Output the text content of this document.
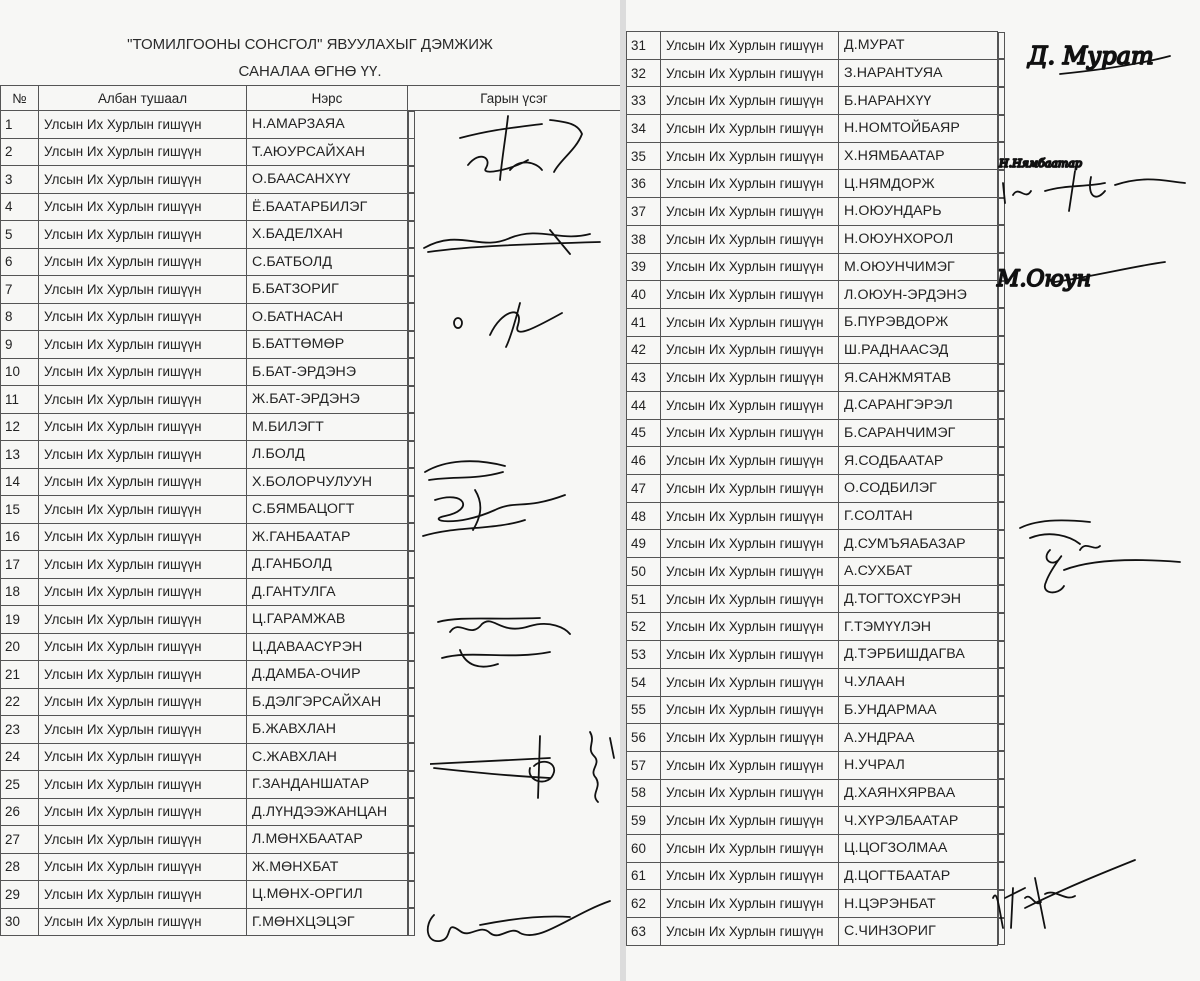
"ТОМИЛГООНЫ СОНСГОЛ" ЯВУУЛАХЫГ ДЭМЖИЖ
САНАЛАА ӨГНӨ ҮҮ.
№	Албан тушаал	Нэрс	Гарын үсэг
1	Улсын Их Хурлын гишүүн	Н.АМАРЗАЯА	

2	Улсын Их Хурлын гишүүн	Т.АЮУРСАЙХАН	

3	Улсын Их Хурлын гишүүн	О.БААСАНХҮҮ	

4	Улсын Их Хурлын гишүүн	Ё.БААТАРБИЛЭГ	

5	Улсын Их Хурлын гишүүн	Х.БАДЕЛХАН	

6	Улсын Их Хурлын гишүүн	С.БАТБОЛД	

7	Улсын Их Хурлын гишүүн	Б.БАТЗОРИГ	

8	Улсын Их Хурлын гишүүн	О.БАТНАСАН	

9	Улсын Их Хурлын гишүүн	Б.БАТТӨМӨР	

10	Улсын Их Хурлын гишүүн	Б.БАТ-ЭРДЭНЭ	

11	Улсын Их Хурлын гишүүн	Ж.БАТ-ЭРДЭНЭ	

12	Улсын Их Хурлын гишүүн	М.БИЛЭГТ	

13	Улсын Их Хурлын гишүүн	Л.БОЛД	

14	Улсын Их Хурлын гишүүн	Х.БОЛОРЧУЛУУН	

15	Улсын Их Хурлын гишүүн	С.БЯМБАЦОГТ	

16	Улсын Их Хурлын гишүүн	Ж.ГАНБААТАР	

17	Улсын Их Хурлын гишүүн	Д.ГАНБОЛД	

18	Улсын Их Хурлын гишүүн	Д.ГАНТУЛГА	

19	Улсын Их Хурлын гишүүн	Ц.ГАРАМЖАВ	

20	Улсын Их Хурлын гишүүн	Ц.ДАВААСҮРЭН	

21	Улсын Их Хурлын гишүүн	Д.ДАМБА-ОЧИР	

22	Улсын Их Хурлын гишүүн	Б.ДЭЛГЭРСАЙХАН	

23	Улсын Их Хурлын гишүүн	Б.ЖАВХЛАН	

24	Улсын Их Хурлын гишүүн	С.ЖАВХЛАН	

25	Улсын Их Хурлын гишүүн	Г.ЗАНДАНШАТАР	

26	Улсын Их Хурлын гишүүн	Д.ЛҮНДЭЭЖАНЦАН	

27	Улсын Их Хурлын гишүүн	Л.МӨНХБААТАР	

28	Улсын Их Хурлын гишүүн	Ж.МӨНХБАТ	

29	Улсын Их Хурлын гишүүн	Ц.МӨНХ-ОРГИЛ	

30	Улсын Их Хурлын гишүүн	Г.МӨНХЦЭЦЭГ	
31	Улсын Их Хурлын гишүүн	Д.МУРАТ	

32	Улсын Их Хурлын гишүүн	З.НАРАНТУЯА	

33	Улсын Их Хурлын гишүүн	Б.НАРАНХҮҮ	

34	Улсын Их Хурлын гишүүн	Н.НОМТОЙБАЯР	

35	Улсын Их Хурлын гишүүн	Х.НЯМБААТАР	

36	Улсын Их Хурлын гишүүн	Ц.НЯМДОРЖ	

37	Улсын Их Хурлын гишүүн	Н.ОЮУНДАРЬ	

38	Улсын Их Хурлын гишүүн	Н.ОЮУНХОРОЛ	

39	Улсын Их Хурлын гишүүн	М.ОЮУНЧИМЭГ	

40	Улсын Их Хурлын гишүүн	Л.ОЮУН-ЭРДЭНЭ	

41	Улсын Их Хурлын гишүүн	Б.ПҮРЭВДОРЖ	

42	Улсын Их Хурлын гишүүн	Ш.РАДНААСЭД	

43	Улсын Их Хурлын гишүүн	Я.САНЖМЯТАВ	

44	Улсын Их Хурлын гишүүн	Д.САРАНГЭРЭЛ	

45	Улсын Их Хурлын гишүүн	Б.САРАНЧИМЭГ	

46	Улсын Их Хурлын гишүүн	Я.СОДБААТАР	

47	Улсын Их Хурлын гишүүн	О.СОДБИЛЭГ	

48	Улсын Их Хурлын гишүүн	Г.СОЛТАН	

49	Улсын Их Хурлын гишүүн	Д.СУМЪЯАБАЗАР	

50	Улсын Их Хурлын гишүүн	А.СУХБАТ	

51	Улсын Их Хурлын гишүүн	Д.ТОГТОХСҮРЭН	

52	Улсын Их Хурлын гишүүн	Г.ТЭМҮҮЛЭН	

53	Улсын Их Хурлын гишүүн	Д.ТЭРБИШДАГВА	

54	Улсын Их Хурлын гишүүн	Ч.УЛААН	

55	Улсын Их Хурлын гишүүн	Б.УНДАРМАА	

56	Улсын Их Хурлын гишүүн	А.УНДРАА	

57	Улсын Их Хурлын гишүүн	Н.УЧРАЛ	

58	Улсын Их Хурлын гишүүн	Д.ХАЯНХЯРВАА	

59	Улсын Их Хурлын гишүүн	Ч.ХҮРЭЛБААТАР	

60	Улсын Их Хурлын гишүүн	Ц.ЦОГЗОЛМАА	

61	Улсын Их Хурлын гишүүн	Д.ЦОГТБААТАР	

62	Улсын Их Хурлын гишүүн	Н.ЦЭРЭНБАТ	

63	Улсын Их Хурлын гишүүн	С.ЧИНЗОРИГ	
Д. Мурат
Н.Нямбаатар
М.Оюун
